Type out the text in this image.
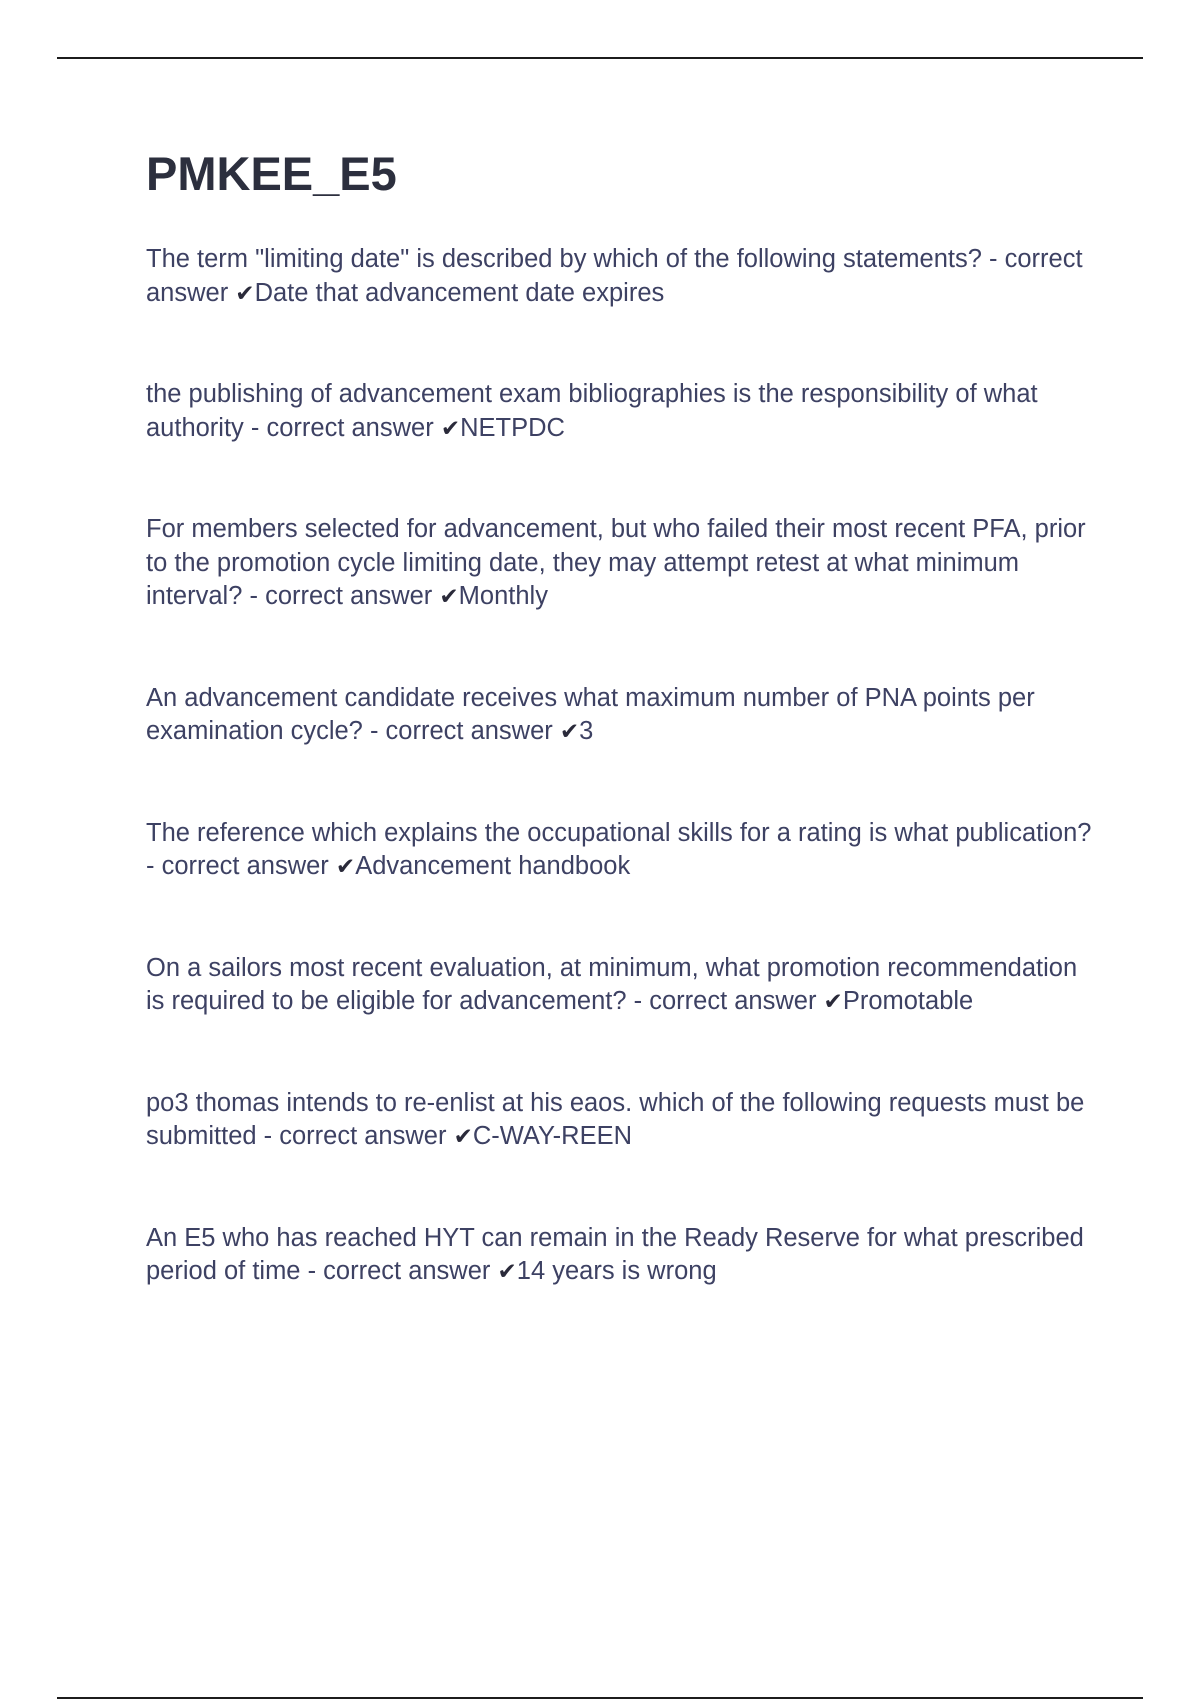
PMKEE_E5

The term "limiting date" is described by which of the following statements? - correct answer ✔Date that advancement date expires

the publishing of advancement exam bibliographies is the responsibility of what authority - correct answer ✔NETPDC

For members selected for advancement, but who failed their most recent PFA, prior to the promotion cycle limiting date, they may attempt retest at what minimum interval? - correct answer ✔Monthly

An advancement candidate receives what maximum number of PNA points per examination cycle? - correct answer ✔3

The reference which explains the occupational skills for a rating is what publication? - correct answer ✔Advancement handbook

On a sailors most recent evaluation, at minimum, what promotion recommendation is required to be eligible for advancement? - correct answer ✔Promotable

po3 thomas intends to re-enlist at his eaos. which of the following requests must be submitted - correct answer ✔C-WAY-REEN

An E5 who has reached HYT can remain in the Ready Reserve for what prescribed period of time - correct answer ✔14 years is wrong
